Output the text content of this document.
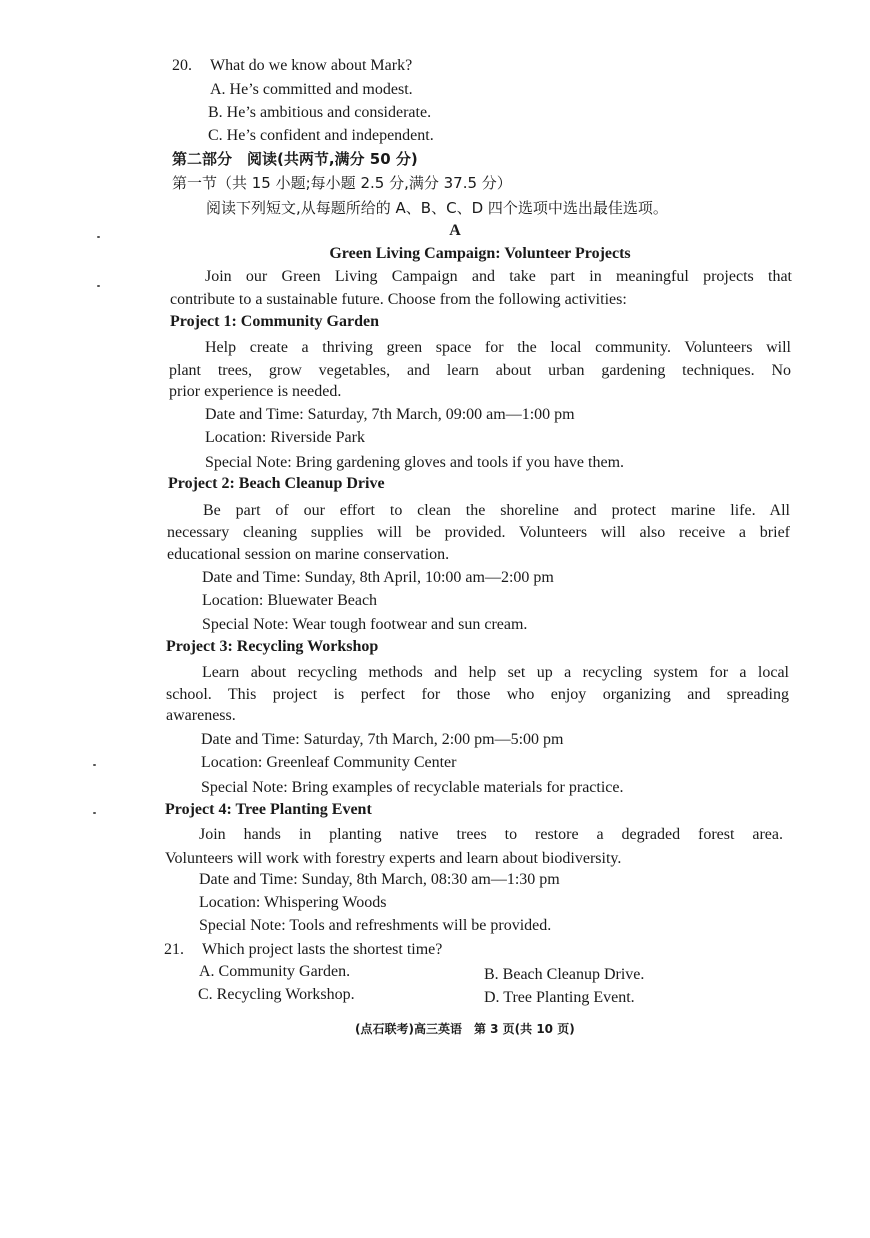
20. What do we know about Mark?
A. He’s committed and modest.
B. He’s ambitious and considerate.
C. He’s confident and independent.
第二部分　阅读(共两节,满分 50 分)
第一节（共 15 小题;每小题 2.5 分,满分 37.5 分）
阅读下列短文,从每题所给的 A、B、C、D 四个选项中选出最佳选项。
A
Green Living Campaign: Volunteer Projects
Join our Green Living Campaign and take part in meaningful projects that
contribute to a sustainable future. Choose from the following activities:
Project 1: Community Garden
Help create a thriving green space for the local community. Volunteers will
plant trees, grow vegetables, and learn about urban gardening techniques. No
prior experience is needed.
Date and Time: Saturday, 7th March, 09:00 am—1:00 pm
Location: Riverside Park
Special Note: Bring gardening gloves and tools if you have them.
Project 2: Beach Cleanup Drive
Be part of our effort to clean the shoreline and protect marine life. All
necessary cleaning supplies will be provided. Volunteers will also receive a brief
educational session on marine conservation.
Date and Time: Sunday, 8th April, 10:00 am—2:00 pm
Location: Bluewater Beach
Special Note: Wear tough footwear and sun cream.
Project 3: Recycling Workshop
Learn about recycling methods and help set up a recycling system for a local
school. This project is perfect for those who enjoy organizing and spreading
awareness.
Date and Time: Saturday, 7th March, 2:00 pm—5:00 pm
Location: Greenleaf Community Center
Special Note: Bring examples of recyclable materials for practice.
Project 4: Tree Planting Event
Join hands in planting native trees to restore a degraded forest area.
Volunteers will work with forestry experts and learn about biodiversity.
Date and Time: Sunday, 8th March, 08:30 am—1:30 pm
Location: Whispering Woods
Special Note: Tools and refreshments will be provided.
21. Which project lasts the shortest time?
A. Community Garden.	B. Beach Cleanup Drive.
C. Recycling Workshop.	D. Tree Planting Event.
(点石联考)高三英语　第 3 页(共 10 页)
